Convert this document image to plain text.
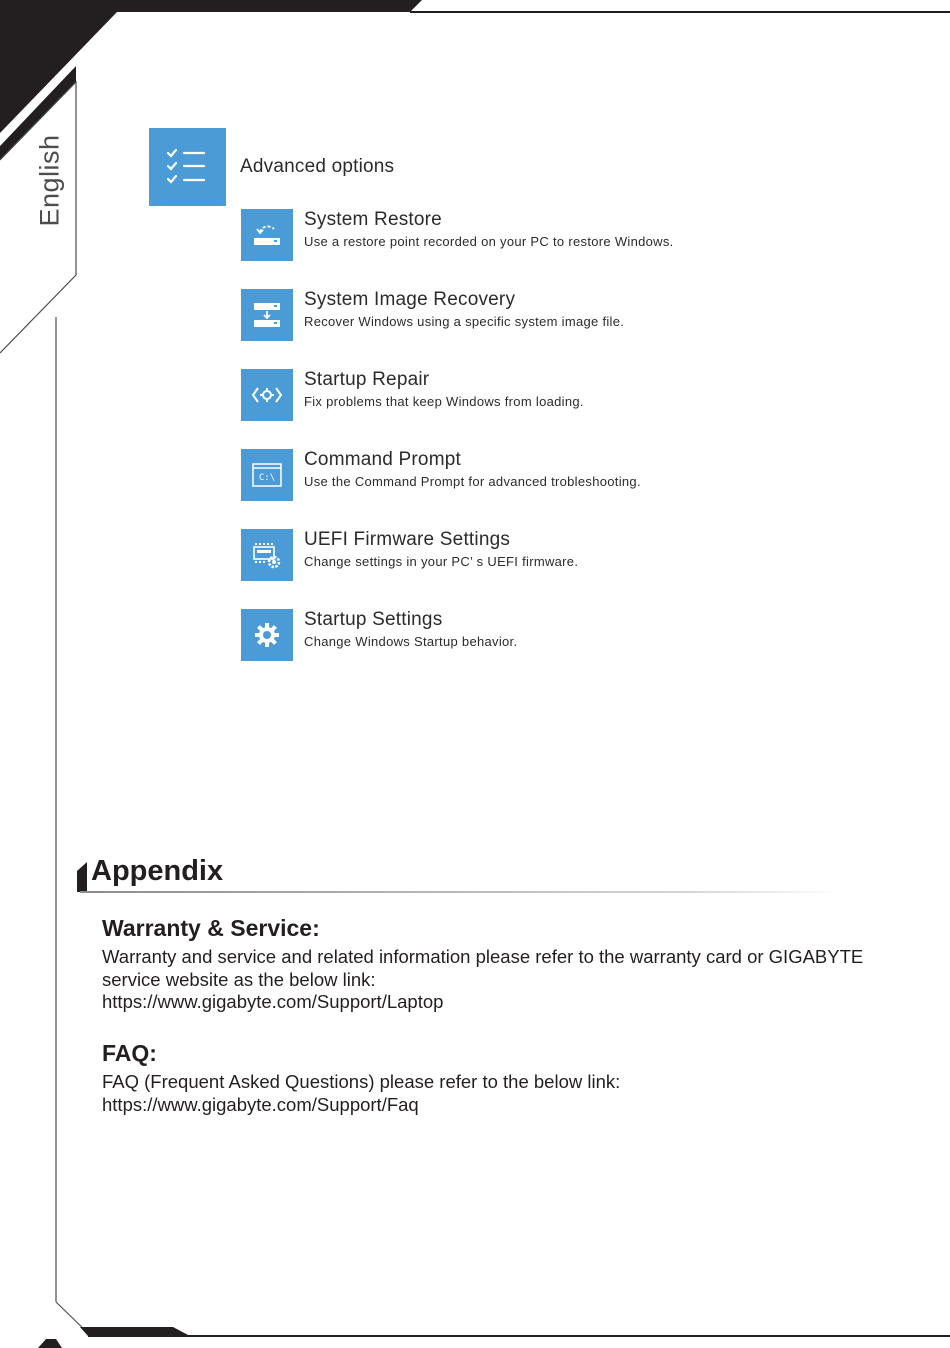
English	Advanced options
System Restore
Use a restore point recorded on your PC to restore Windows.
System Image Recovery
Recover Windows using a specific system image file.
Startup Repair
Fix problems that keep Windows from loading.
C:\
Command Prompt
Use the Command Prompt for advanced trobleshooting.
UEFI Firmware Settings
Change settings in your PC’ s UEFI firmware.
Startup Settings
Change Windows Startup behavior.
Appendix
Warranty & Service:

Warranty and service and related information please refer to the warranty card or GIGABYTE
service website as the below link:
https://www.gigabyte.com/Support/Laptop

FAQ:

FAQ (Frequent Asked Questions) please refer to the below link:
https://www.gigabyte.com/Support/Faq
